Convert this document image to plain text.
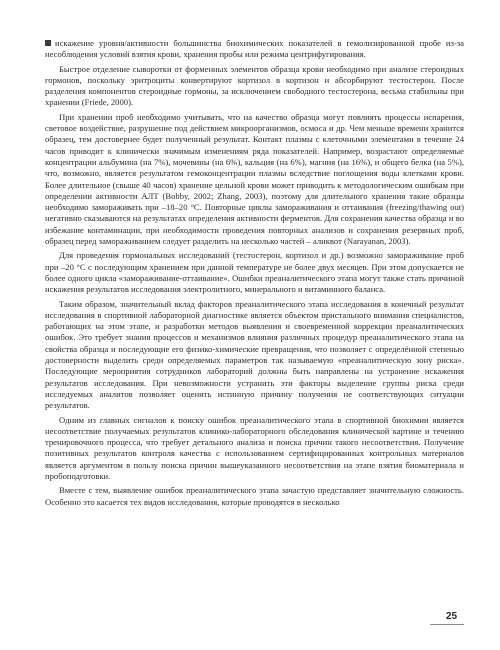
искажение уровня/активности большинства биохимических показателей в гемолизированной пробе из-за несоблюдения условий взятия крови, хранения пробы или режима центрифугирования.

Быстрое отделение сыворотки от форменных элементов образца крови необходимо при анализе стероидных гормонов, поскольку эритроциты конвертируют кортизол в кортизон и абсорбируют тестостерон. После разделения компонентов стероидные гормоны, за исключением свободного тестостерона, весьма стабильны при хранении (Friede, 2000).

При хранении проб необходимо учитывать, что на качество образца могут повлиять процессы испарения, световое воздействие, разрушение под действием микроорганизмов, осмоса и др. Чем меньше времени хранится образец, тем достовернее будет полученный результат. Контакт плазмы с клеточными элементами в течение 24 часов приводит к клинически значимым изменениям ряда показателей. Например, возрастают определяемые концентрации альбумина (на 7%), мочевины (на 6%), кальция (на 6%), магния (на 16%), и общего белка (на 5%), что, возможно, является результатом гемоконцентрации плазмы вследствие поглощения воды клетками крови. Более длительное (свыше 40 часов) хранение цельной крови может приводить к методологическим ошибкам при определении активности АЛТ (Bobby, 2002; Zhang, 2003), поэтому для длительного хранения такие образцы необходимо замораживать при –18–20 °С. Повторные циклы замораживания и оттаивания (freezing/thawing out) негативно сказываются на результатах определения активности ферментов. Для сохранения качества образца и во избежание контаминации, при необходимости проведения повторных анализов и сохранения резервных проб, образец перед замораживанием следует разделить на несколько частей – аликвот (Narayanan, 2003).

Для проведения гормональных исследований (тестостерон, кортизол и др.) возможно замораживание проб при –20 °С с последующим хранением при данной температуре не более двух месяцев. При этом допускается не более одного цикла «замораживание-оттаивание». Ошибки преаналитического этапа могут также стать причиной искажения результатов исследования электролитного, минерального и витаминного баланса.

Таким образом, значительный вклад факторов преаналитического этапа исследования в конечный результат исследования в спортивной лабораторной диагностике является объектом пристального внимания специалистов, работающих на этом этапе, и разработки методов выявления и своевременной коррекции преаналитических ошибок. Это требует знания процессов и механизмов влияния различных процедур преаналитического этапа на свойства образца и последующие его физико-химические превращения, что позволяет с определённой степенью достоверности выделить среди определяемых параметров так называемую «преаналитическую зону риска». Последующие мероприятия сотрудников лабораторий должны быть направлены на устранение искажения результатов исследования. При невозможности устранить эти факторы выделение группы риска среди исследуемых аналитов позволяет оценить истинную причину получения не соответствующих ситуации результатов.

Одним из главных сигналов к поиску ошибок преаналитического этапа в спортивной биохимии является несоответствие получаемых результатов клинико-лабораторного обследования клинической картине и течению тренировочного процесса, что требует детального анализа и поиска причин такого несоответствия. Получение позитивных результатов контроля качества с использованием сертифицированных контрольных материалов является аргументом в пользу поиска причин вышеуказанного несоответствия на этапе взятия биоматериала и пробоподготовки.

Вместе с тем, выявление ошибок преаналитического этапа зачастую представляет значительную сложность. Особенно это касается тех видов исследования, которые проводятся в несколько

25
